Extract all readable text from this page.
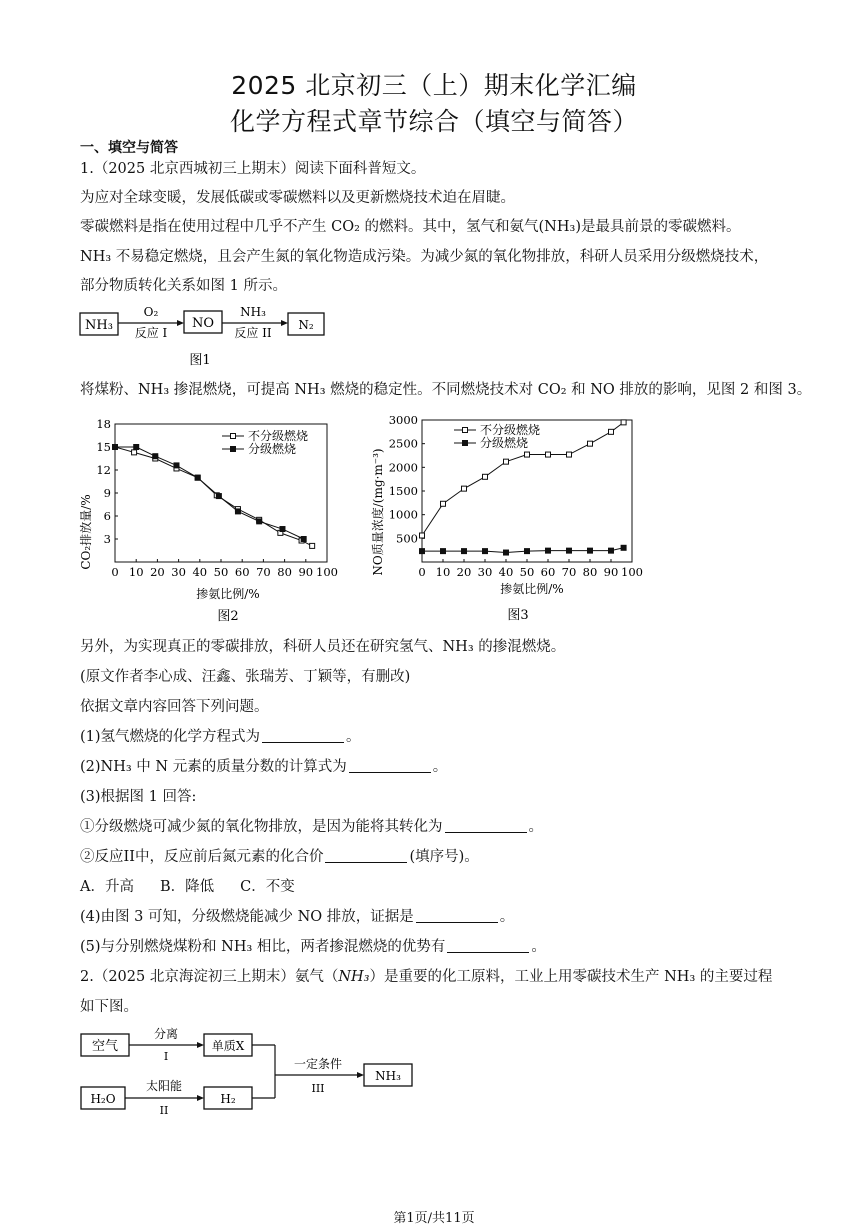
2025 北京初三（上）期末化学汇编
化学方程式章节综合（填空与简答）
一、填空与简答
1.（2025 北京西城初三上期末）阅读下面科普短文。
为应对全球变暖，发展低碳或零碳燃料以及更新燃烧技术迫在眉睫。
零碳燃料是指在使用过程中几乎不产生 CO₂ 的燃料。其中，氢气和氨气(NH₃)是最具前景的零碳燃料。
NH₃ 不易稳定燃烧，且会产生氮的氧化物造成污染。为减少氮的氧化物排放，科研人员采用分级燃烧技术，
部分物质转化关系如图 1 所示。
NH₃
O₂
反应 I
NO
NH₃
反应 II
N₂
图1
将煤粉、NH₃ 掺混燃烧，可提高 NH₃ 燃烧的稳定性。不同燃烧技术对 CO₂ 和 NO 排放的影响，见图 2 和图 3。
掺氨比例/%
CO₂排放量/%
图2
0 10 20 30 40 50 60 70 80 90 100
3
6
9
12
15
18
不分级燃烧
分级燃烧
掺氨比例/%
NO质量浓度/(mg·m⁻³)
图3
0 10 20 30 40 50 60 70 80 90 100
500
1000
1500
2000
2500
3000
不分级燃烧
分级燃烧
另外，为实现真正的零碳排放，科研人员还在研究氢气、NH₃ 的掺混燃烧。
(原文作者李心成、汪鑫、张瑞芳、丁颖等，有删改)
依据文章内容回答下列问题。
(1)氢气燃烧的化学方程式为	。
(2)NH₃ 中 N 元素的质量分数的计算式为	。
(3)根据图 1 回答:
①分级燃烧可减少氮的氧化物排放，是因为能将其转化为	。
②反应II中，反应前后氮元素的化合价	(填序号)。
A．升高 B．降低 C．不变
(4)由图 3 可知，分级燃烧能减少 NO 排放，证据是	。
(5)与分别燃烧煤粉和 NH₃ 相比，两者掺混燃烧的优势有	。
2.（2025 北京海淀初三上期末）氨气（NH₃）是重要的化工原料，工业上用零碳技术生产 NH₃ 的主要过程
如下图。
空气
分离
I
单质X
H₂O
太阳能
II
H₂
一定条件
III
NH₃
第1页/共11页
